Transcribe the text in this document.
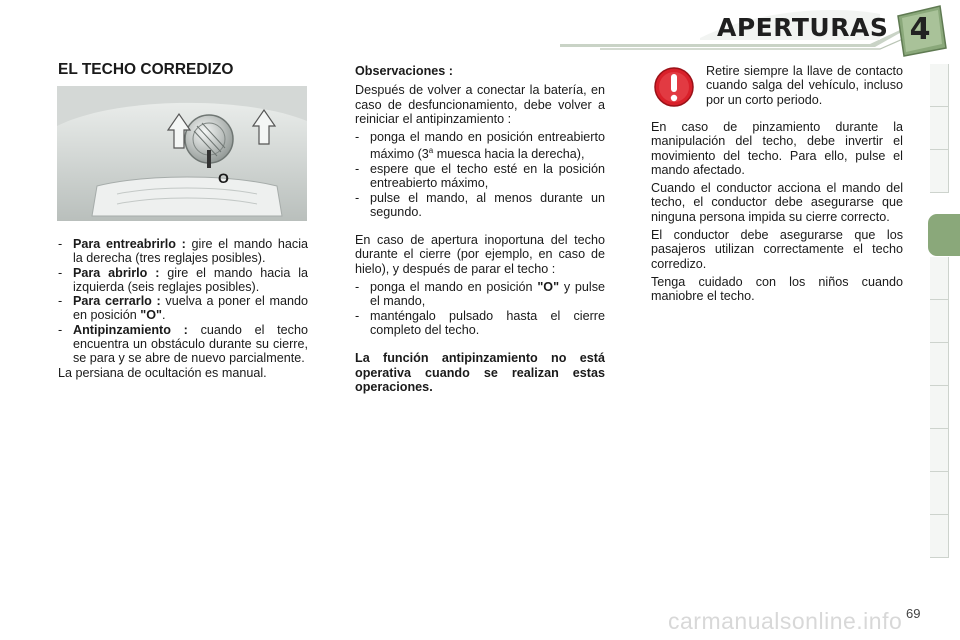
APERTURAS 4
EL TECHO CORREDIZO
O
- Para entreabrirlo : gire el mando hacia la derecha (tres reglajes posibles).
- Para abrirlo : gire el mando hacia la izquierda (seis reglajes posibles).
- Para cerrarlo : vuelva a poner el mando en posición "O".
- Antipinzamiento : cuando el techo encuentra un obstáculo durante su cierre, se para y se abre de nuevo parcialmente.

La persiana de ocultación es manual.

Observaciones :

Después de volver a conectar la batería, en caso de desfuncionamiento, debe volver a reiniciar el antipinzamiento :

- ponga el mando en posición entreabierto máximo (3$^a$ muesca hacia la derecha),
- espere que el techo esté en la posición entreabierto máximo,
- pulse el mando, al menos durante un segundo.

En caso de apertura inoportuna del techo durante el cierre (por ejemplo, en caso de hielo), y después de parar el techo :

- ponga el mando en posición "O" y pulse el mando,
- manténgalo pulsado hasta el cierre completo del techo.

La función antipinzamiento no está operativa cuando se realizan estas operaciones.

Retire siempre la llave de contacto cuando salga del vehículo, incluso por un corto periodo.

En caso de pinzamiento durante la manipulación del techo, debe invertir el movimiento del techo. Para ello, pulse el mando afectado.

Cuando el conductor acciona el mando del techo, el conductor debe asegurarse que ninguna persona impida su cierre correcto.

El conductor debe asegurarse que los pasajeros utilizan correctamente el techo corredizo.

Tenga cuidado con los niños cuando maniobre el techo.

carmanualsonline.info 69
